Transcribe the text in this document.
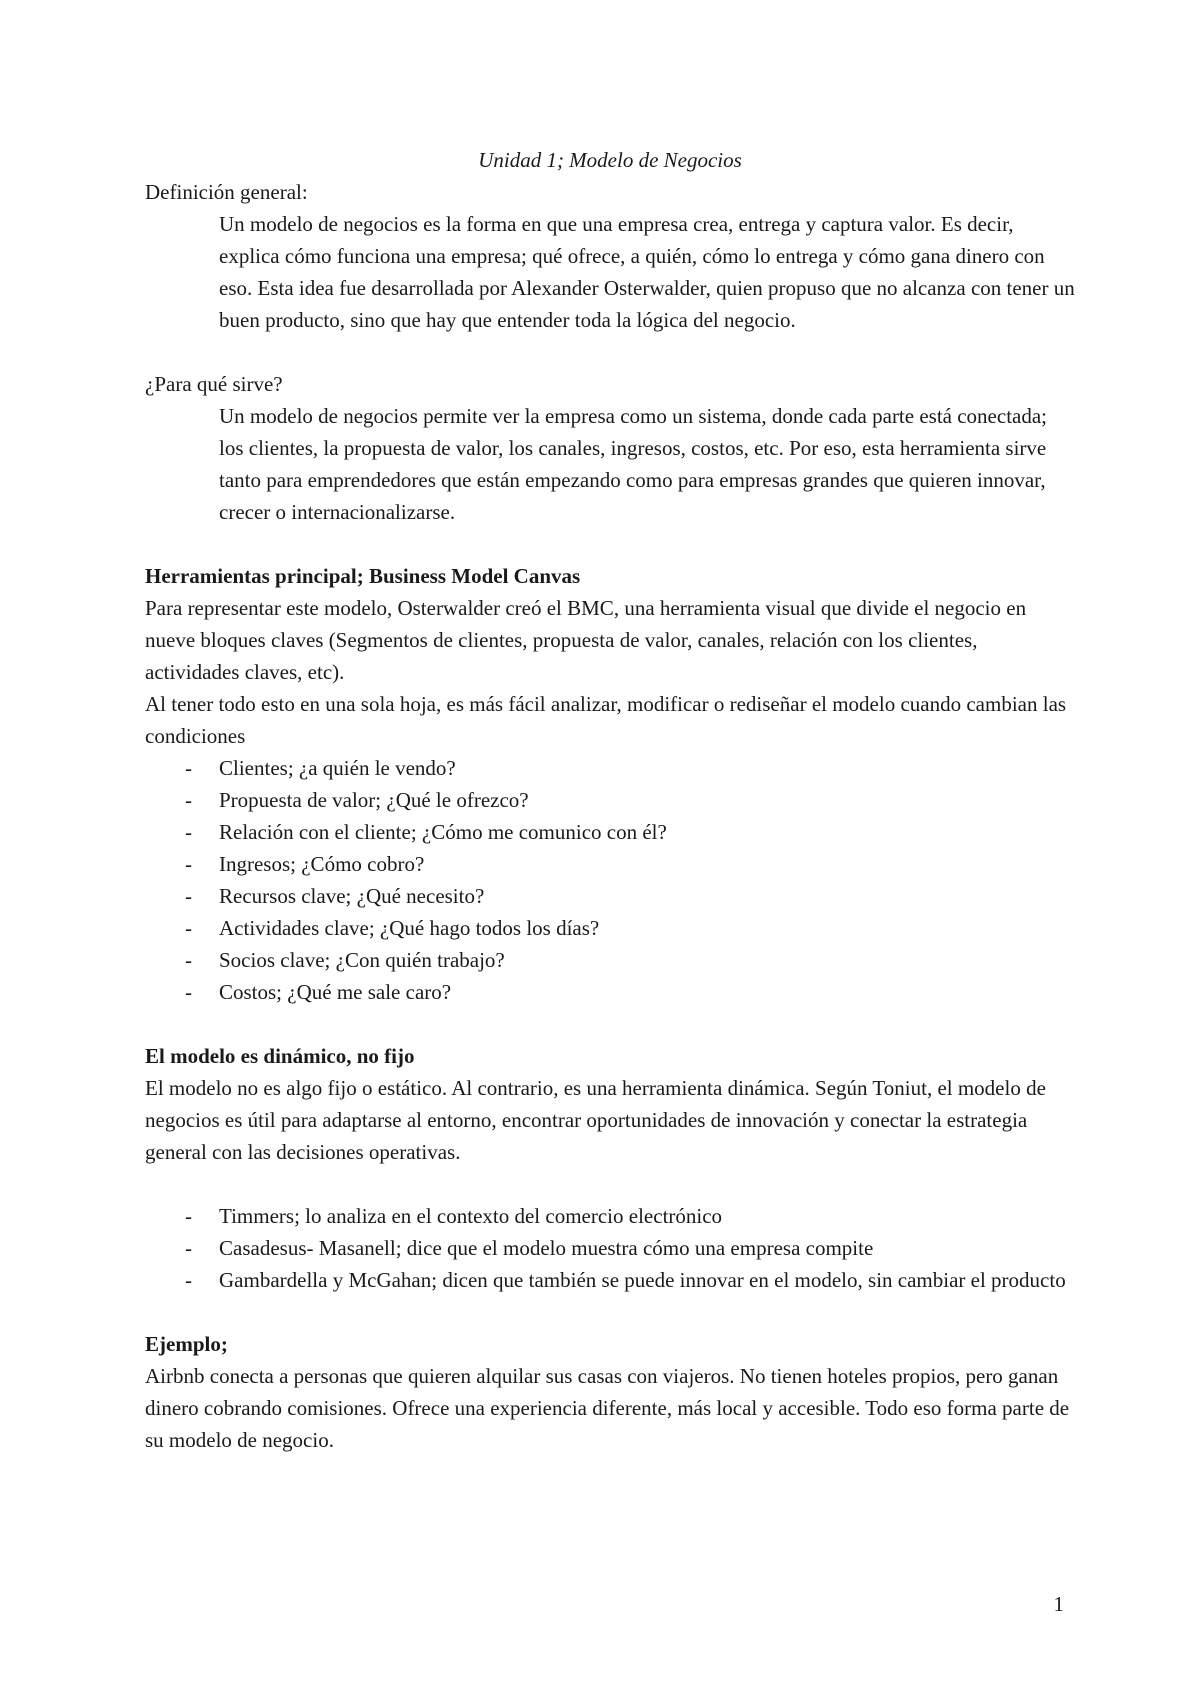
Unidad 1; Modelo de Negocios

Definición general:

Un modelo de negocios es la forma en que una empresa crea, entrega y captura valor. Es decir, explica cómo funciona una empresa; qué ofrece, a quién, cómo lo entrega y cómo gana dinero con eso. Esta idea fue desarrollada por Alexander Osterwalder, quien propuso que no alcanza con tener un buen producto, sino que hay que entender toda la lógica del negocio.

¿Para qué sirve?

Un modelo de negocios permite ver la empresa como un sistema, donde cada parte está conectada; los clientes, la propuesta de valor, los canales, ingresos, costos, etc. Por eso, esta herramienta sirve tanto para emprendedores que están empezando como para empresas grandes que quieren innovar, crecer o internacionalizarse.

Herramientas principal; Business Model Canvas

Para representar este modelo, Osterwalder creó el BMC, una herramienta visual que divide el negocio en nueve bloques claves (Segmentos de clientes, propuesta de valor, canales, relación con los clientes, actividades claves, etc).

Al tener todo esto en una sola hoja, es más fácil analizar, modificar o rediseñar el modelo cuando cambian las condiciones

- Clientes; ¿a quién le vendo?
- Propuesta de valor; ¿Qué le ofrezco?
- Relación con el cliente; ¿Cómo me comunico con él?
- Ingresos; ¿Cómo cobro?
- Recursos clave; ¿Qué necesito?
- Actividades clave; ¿Qué hago todos los días?
- Socios clave; ¿Con quién trabajo?
- Costos; ¿Qué me sale caro?

El modelo es dinámico, no fijo

El modelo no es algo fijo o estático. Al contrario, es una herramienta dinámica. Según Toniut, el modelo de negocios es útil para adaptarse al entorno, encontrar oportunidades de innovación y conectar la estrategia general con las decisiones operativas.

- Timmers; lo analiza en el contexto del comercio electrónico
- Casadesus- Masanell; dice que el modelo muestra cómo una empresa compite
- Gambardella y McGahan; dicen que también se puede innovar en el modelo, sin cambiar el producto

Ejemplo;

Airbnb conecta a personas que quieren alquilar sus casas con viajeros. No tienen hoteles propios, pero ganan dinero cobrando comisiones. Ofrece una experiencia diferente, más local y accesible. Todo eso forma parte de su modelo de negocio.

1
